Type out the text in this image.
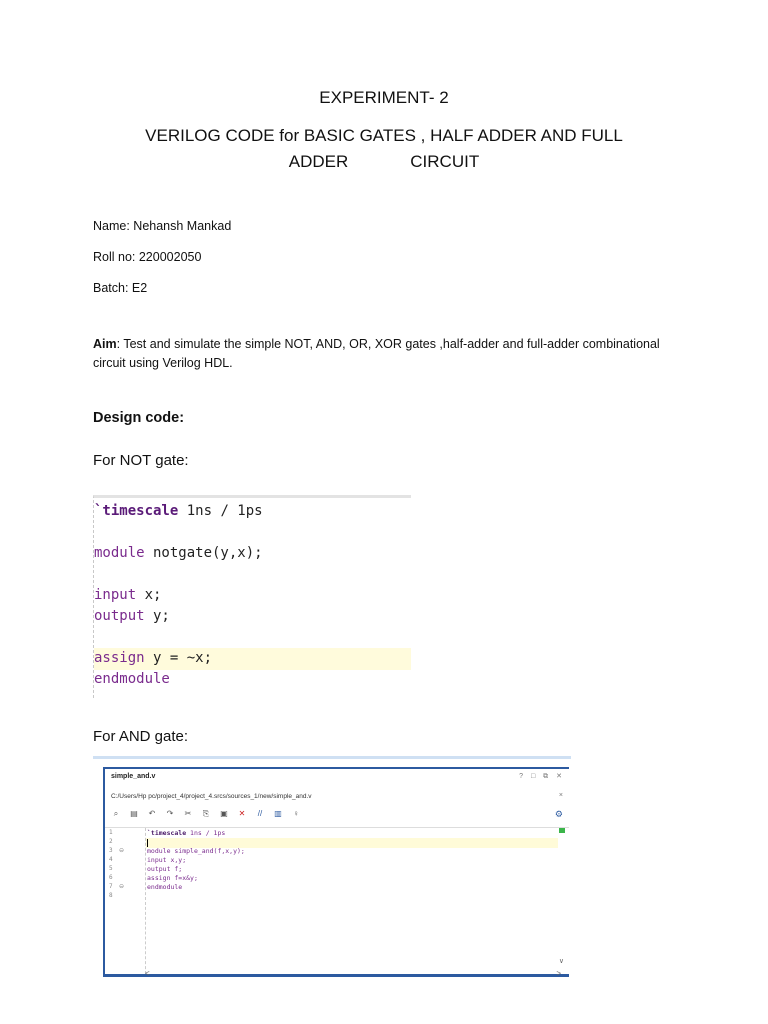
EXPERIMENT- 2
VERILOG CODE for BASIC GATES , HALF ADDER AND FULL
ADDER	CIRCUIT
Name: Nehansh Mankad
Roll no: 220002050
Batch: E2
Aim: Test and simulate the simple NOT, AND, OR, XOR gates ,half-adder and full-adder combinational circuit using Verilog HDL.
Design code:
For NOT gate:
`timescale 1ns / 1ps
module notgate(y,x);
input x;
output y;
assign y = ~x;
endmodule
For AND gate:
simple_and.v	? □ ⧉ ✕
C:/Users/Hp pc/project_4/project_4.srcs/sources_1/new/simple_and.v	×
⌕	▤ ↶ ↷ ✂ ⎘ ▣ ✕	//	▥ ♀	⚙
1
2
3
4
5
6
7
8
⊖
⊖
`timescale 1ns / 1ps
module simple_and(f,x,y);
input x,y;
output f;
assign f=x&y;
endmodule
∨
<	>
